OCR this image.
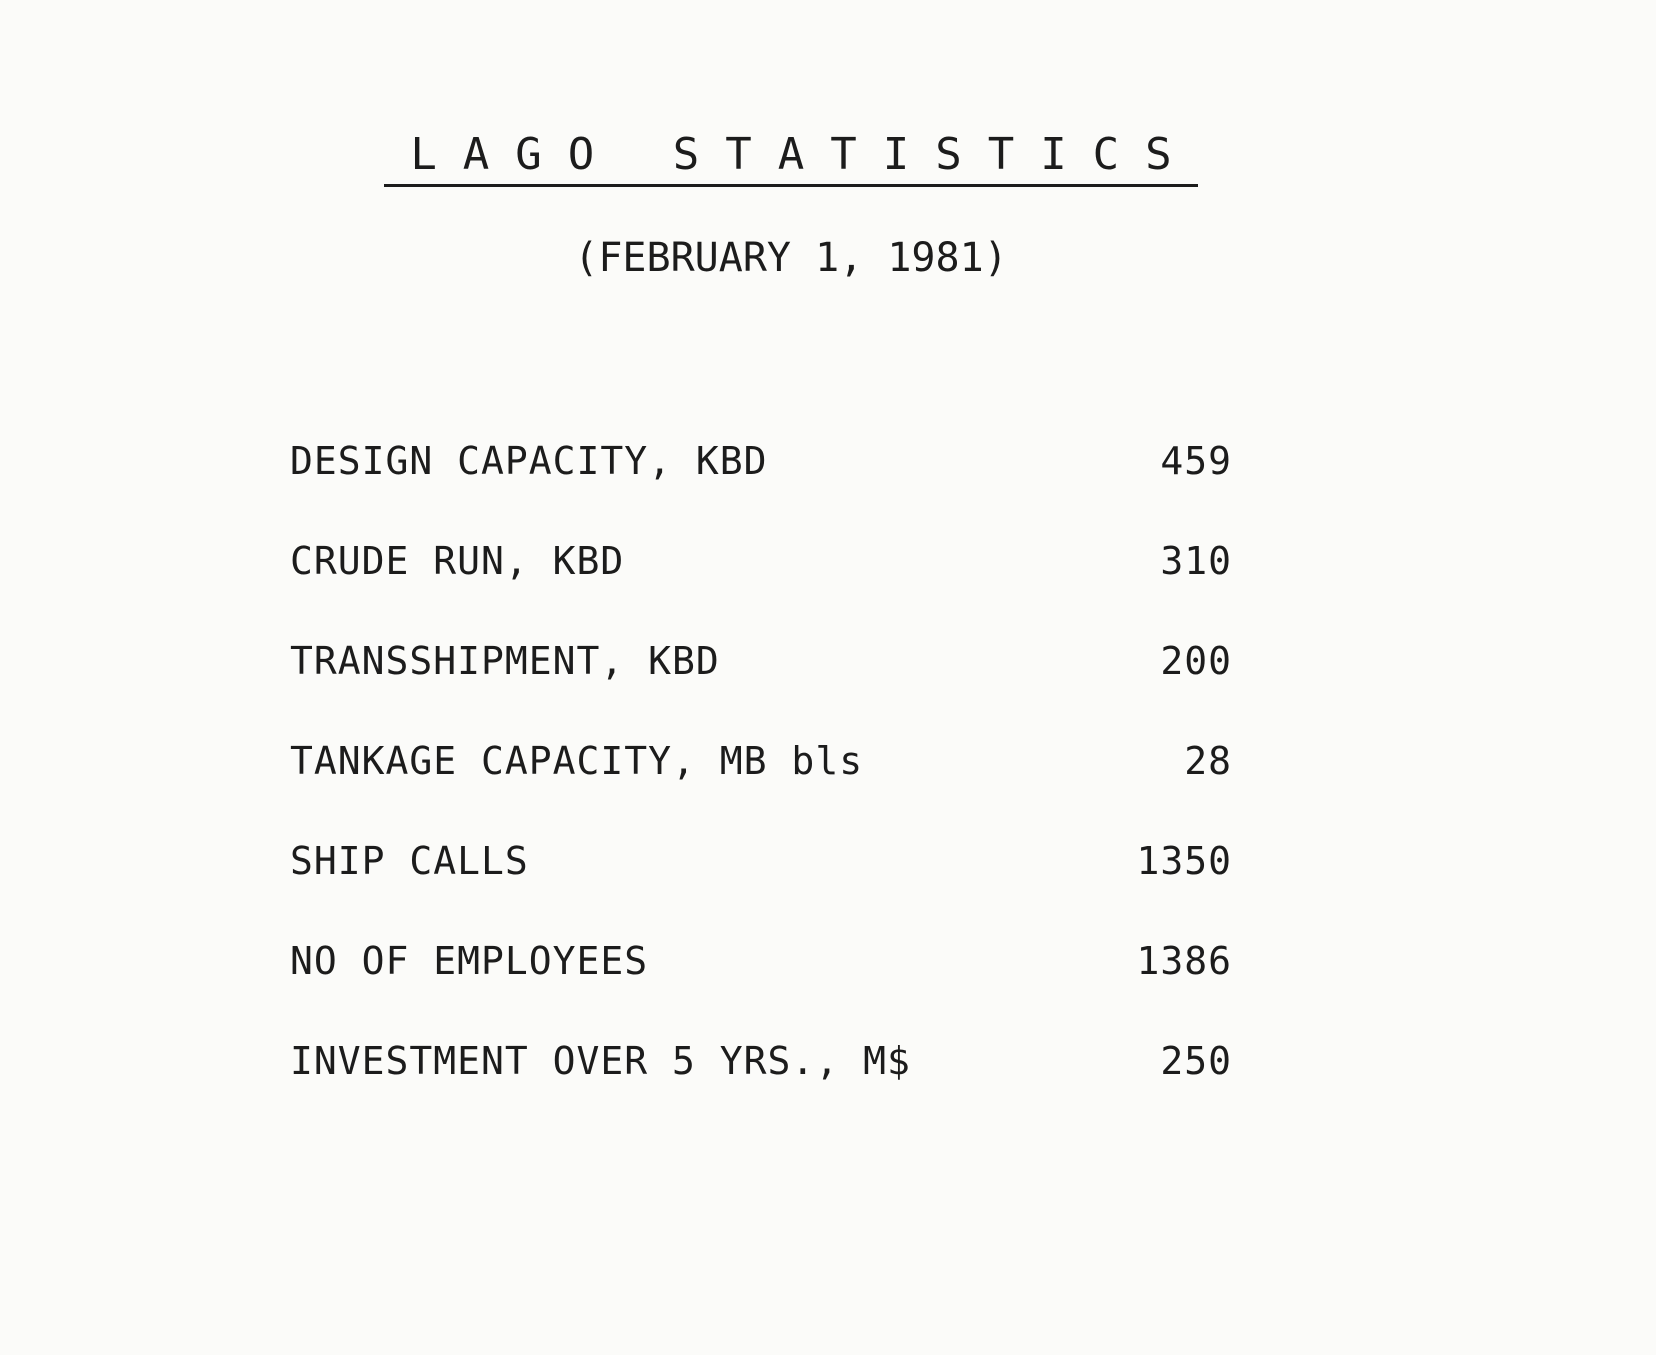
LAGO STATISTICS
(FEBRUARY 1, 1981)
DESIGN CAPACITY, KBD	459
CRUDE RUN, KBD	310
TRANSSHIPMENT, KBD	200
TANKAGE CAPACITY, MB bls	28
SHIP CALLS	1350
NO OF EMPLOYEES	1386
INVESTMENT OVER 5 YRS., M$	250
